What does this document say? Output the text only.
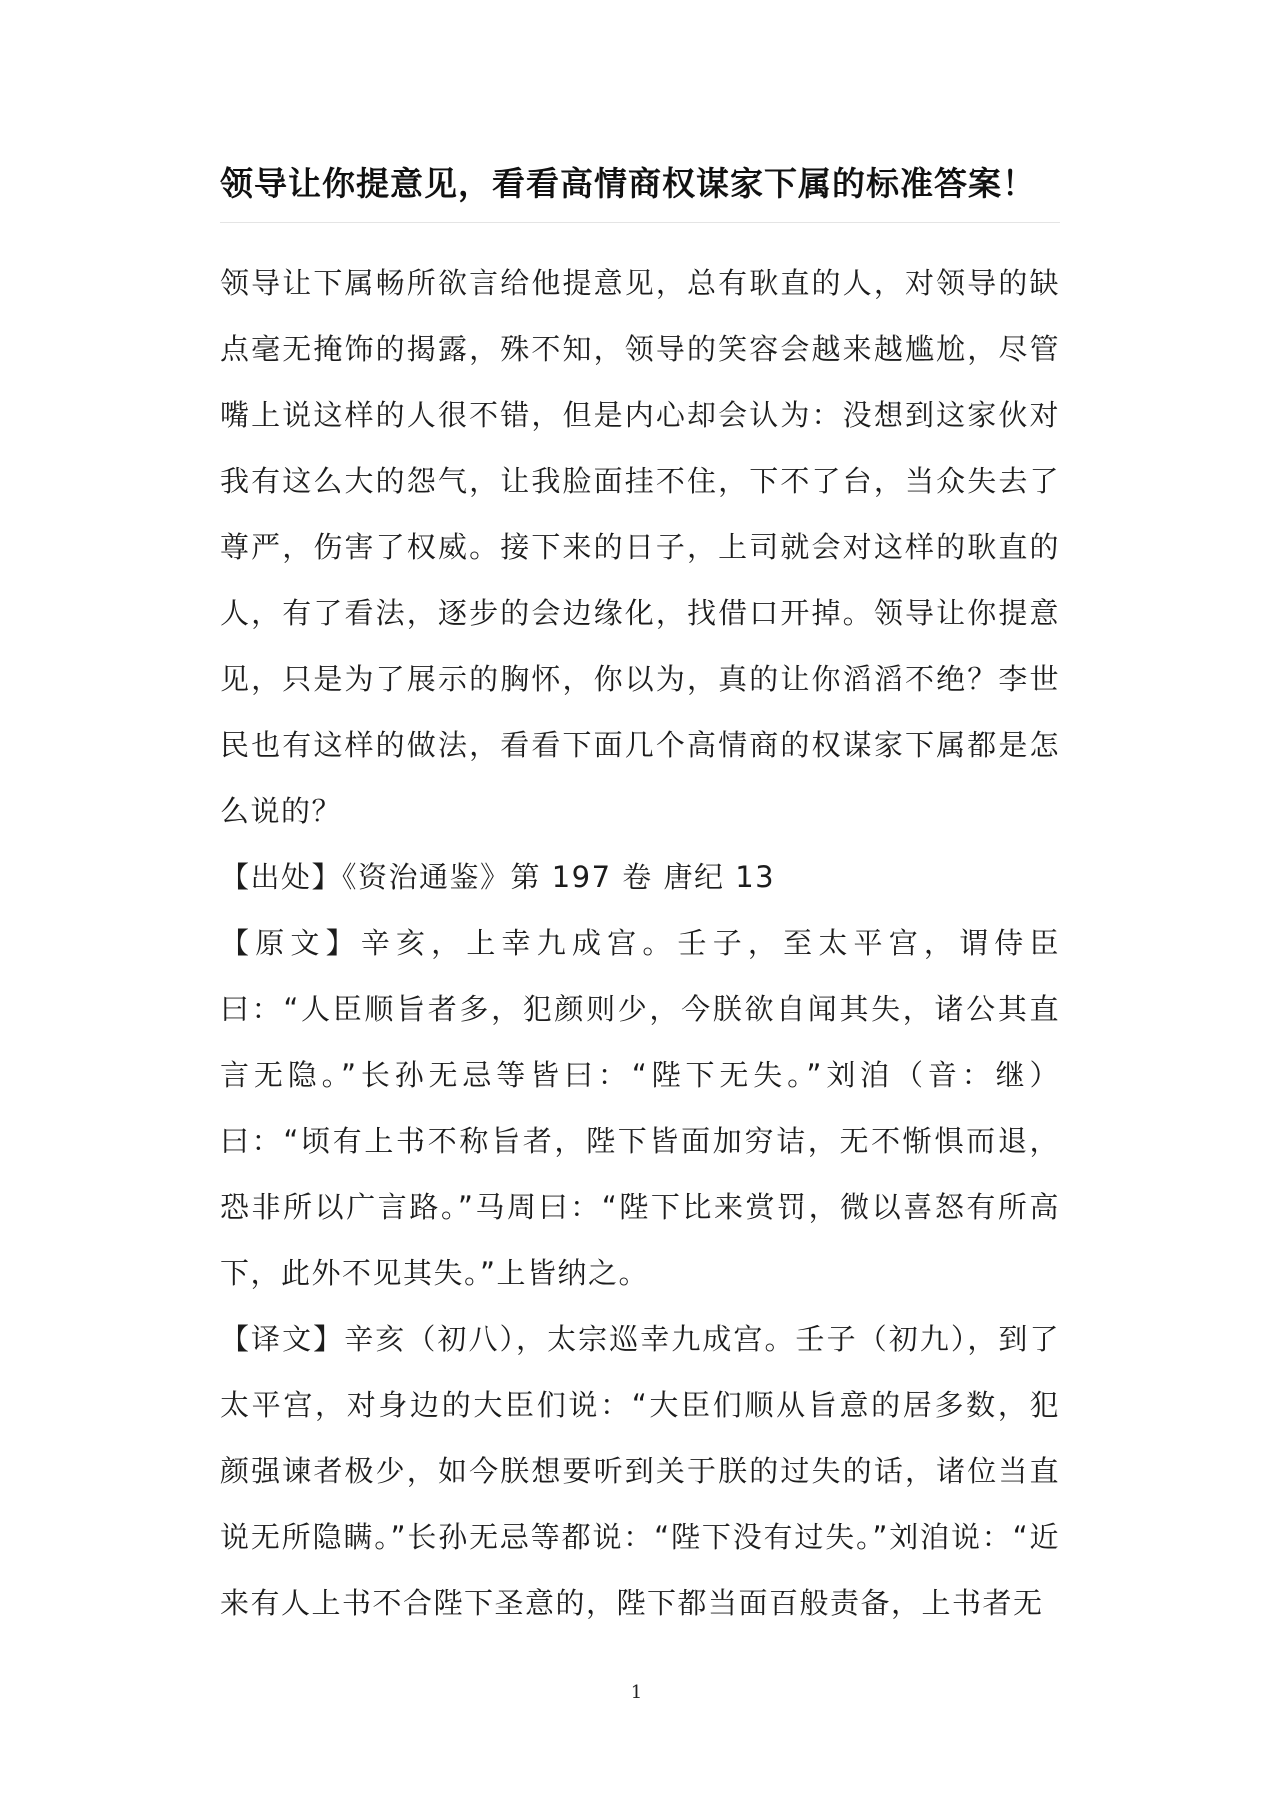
领导让你提意见，看看高情商权谋家下属的标准答案！

领导让下属畅所欲言给他提意见，总有耿直的人，对领导的缺点毫无掩饰的揭露，殊不知，领导的笑容会越来越尴尬，尽管嘴上说这样的人很不错，但是内心却会认为：没想到这家伙对我有这么大的怨气，让我脸面挂不住，下不了台，当众失去了尊严，伤害了权威。接下来的日子，上司就会对这样的耿直的人，有了看法，逐步的会边缘化，找借口开掉。领导让你提意见，只是为了展示的胸怀，你以为，真的让你滔滔不绝？李世民也有这样的做法，看看下面几个高情商的权谋家下属都是怎么说的？

【出处】《资治通鉴》第 197 卷 唐纪 13

【原文】辛亥，上幸九成宫。壬子，至太平宫，谓侍臣曰：“人臣顺旨者多，犯颜则少，今朕欲自闻其失，诸公其直言无隐。”长孙无忌等皆曰：“陛下无失。”刘洎（音：继）曰：“顷有上书不称旨者，陛下皆面加穷诘，无不惭惧而退，恐非所以广言路。”马周曰：“陛下比来赏罚，微以喜怒有所高下，此外不见其失。”上皆纳之。

【译文】辛亥（初八），太宗巡幸九成宫。壬子（初九），到了太平宫，对身边的大臣们说：“大臣们顺从旨意的居多数，犯颜强谏者极少，如今朕想要听到关于朕的过失的话，诸位当直说无所隐瞒。”长孙无忌等都说：“陛下没有过失。”刘洎说：“近来有人上书不合陛下圣意的，陛下都当面百般责备，上书者无

1
